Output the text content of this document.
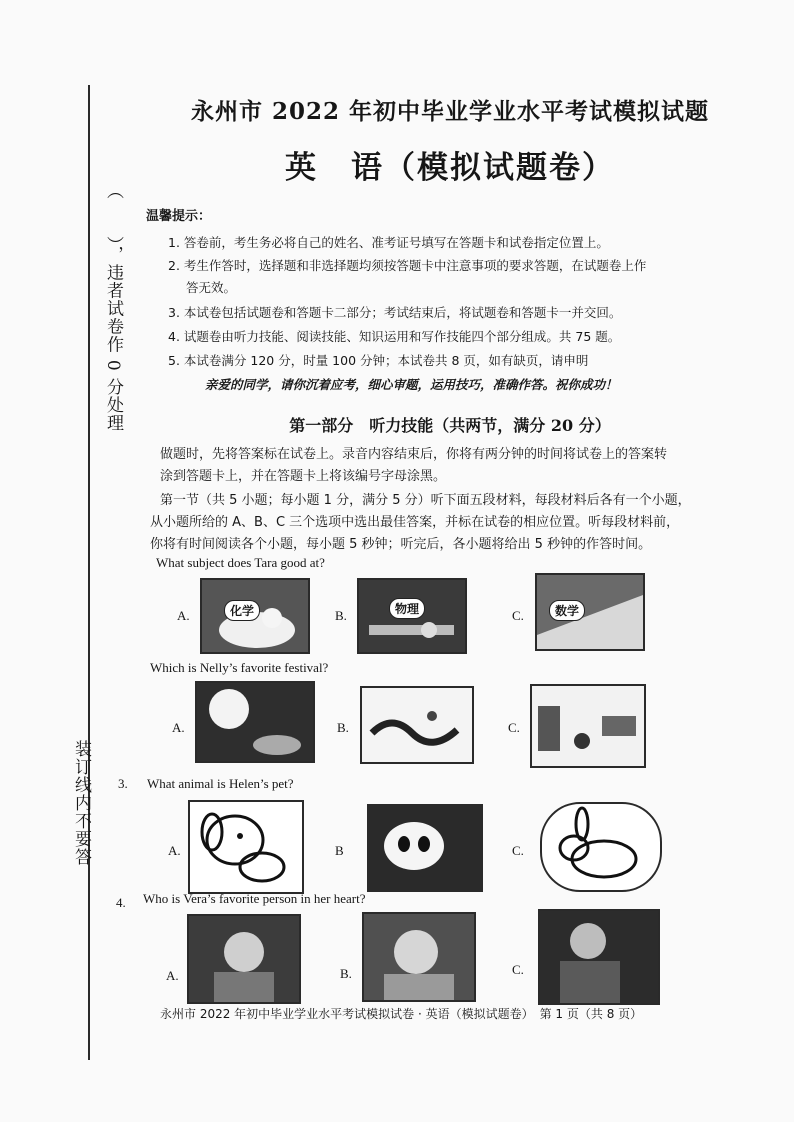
（　　），违者试卷作 0 分处理
装订线内不要答
永州市 2022 年初中毕业学业水平考试模拟试题
英　语（模拟试题卷）
温馨提示：
1. 答卷前，考生务必将自己的姓名、准考证号填写在答题卡和试卷指定位置上。
2. 考生作答时，选择题和非选择题均须按答题卡中注意事项的要求答题，在试题卷上作
答无效。
3. 本试卷包括试题卷和答题卡二部分；考试结束后，将试题卷和答题卡一并交回。
4. 试题卷由听力技能、阅读技能、知识运用和写作技能四个部分组成。共 75 题。
5. 本试卷满分 120 分，时量 100 分钟；本试卷共 8 页，如有缺页，请申明
亲爱的同学，请你沉着应考，细心审题，运用技巧，准确作答。祝你成功！
第一部分　听力技能（共两节，满分 20 分）
做题时，先将答案标在试卷上。录音内容结束后，你将有两分钟的时间将试卷上的答案转
涂到答题卡上，并在答题卡上将该编号字母涂黑。
第一节（共 5 小题；每小题 1 分，满分 5 分）听下面五段材料，每段材料后各有一个小题，
从小题所给的 A、B、C 三个选项中选出最佳答案，并标在试卷的相应位置。听每段材料前，
你将有时间阅读各个小题，每小题 5 秒钟；听完后，各小题将给出 5 秒钟的作答时间。
What subject does Tara good at?
A.	化学	B.	物理	C.	数学
Which is Nelly’s favorite festival?
A.	B.	C.
3. What animal is Helen’s pet?
A.	B	C.
4. Who is Vera’s favorite person in her heart?
A.	B.	C.
永州市 2022 年初中毕业学业水平考试模拟试卷 · 英语（模拟试题卷）　第 1 页（共 8 页）
